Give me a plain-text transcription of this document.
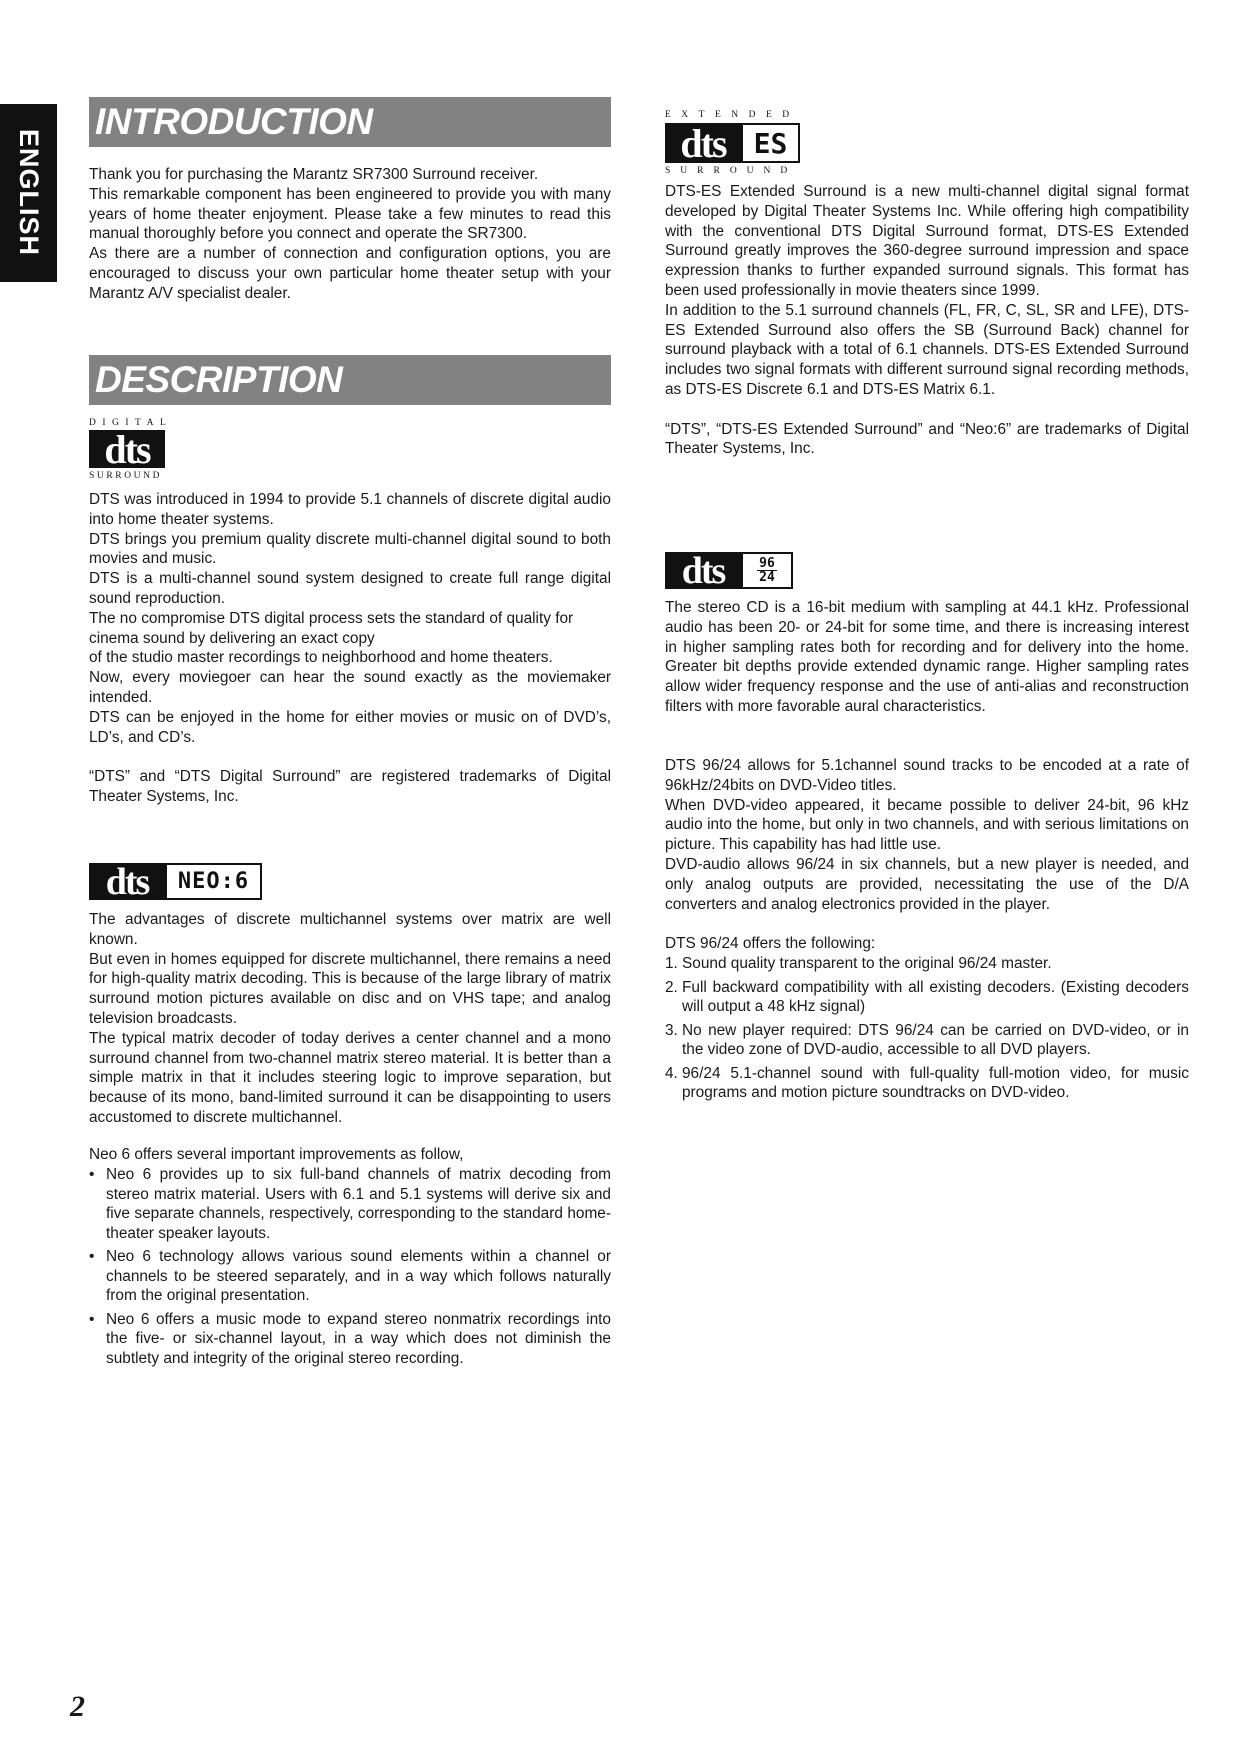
ENGLISH
INTRODUCTION

Thank you for purchasing the Marantz SR7300 Surround receiver.

This remarkable component has been engineered to provide you with many years of home theater enjoyment. Please take a few minutes to read this manual thoroughly before you connect and operate the SR7300.

As there are a number of connection and configuration options, you are encouraged to discuss your own particular home theater setup with your Marantz A/V specialist dealer.

DESCRIPTION
DIGITAL
dts
SURROUND

DTS was introduced in 1994 to provide 5.1 channels of discrete digital audio into home theater systems.

DTS brings you premium quality discrete multi-channel digital sound to both movies and music.

DTS is a multi-channel sound system designed to create full range digital sound reproduction.

The no compromise DTS digital process sets the standard of quality for cinema sound by delivering an exact copy

of the studio master recordings to neighborhood and home theaters.

Now, every moviegoer can hear the sound exactly as the moviemaker intended.

DTS can be enjoyed in the home for either movies or music on of DVD’s, LD’s, and CD’s.

“DTS” and “DTS Digital Surround” are registered trademarks of Digital Theater Systems, Inc.

dts	NEO:6

The advantages of discrete multichannel systems over matrix are well known.

But even in homes equipped for discrete multichannel, there remains a need for high-quality matrix decoding. This is because of the large library of matrix surround motion pictures available on disc and on VHS tape; and analog television broadcasts.

The typical matrix decoder of today derives a center channel and a mono surround channel from two-channel matrix stereo material. It is better than a simple matrix in that it includes steering logic to improve separation, but because of its mono, band-limited surround it can be disappointing to users accustomed to discrete multichannel.

Neo 6 offers several important improvements as follow,
• Neo 6 provides up to six full-band channels of matrix decoding from stereo matrix material. Users with 6.1 and 5.1 systems will derive six and five separate channels, respectively, corresponding to the standard home-theater speaker layouts.
• Neo 6 technology allows various sound elements within a channel or channels to be steered separately, and in a way which follows naturally from the original presentation.
• Neo 6 offers a music mode to expand stereo nonmatrix recordings into the five- or six-channel layout, in a way which does not diminish the subtlety and integrity of the original stereo recording.
EXTENDED
dts	ES
SURROUND

DTS-ES Extended Surround is a new multi-channel digital signal format developed by Digital Theater Systems Inc. While offering high compatibility with the conventional DTS Digital Surround format, DTS-ES Extended Surround greatly improves the 360-degree surround impression and space expression thanks to further expanded surround signals. This format has been used professionally in movie theaters since 1999.

In addition to the 5.1 surround channels (FL, FR, C, SL, SR and LFE), DTS-ES Extended Surround also offers the SB (Surround Back) channel for surround playback with a total of 6.1 channels. DTS-ES Extended Surround includes two signal formats with different surround signal recording methods, as DTS-ES Discrete 6.1 and DTS-ES Matrix 6.1.

“DTS”, “DTS-ES Extended Surround” and “Neo:6” are trademarks of Digital Theater Systems, Inc.

dts	$\frac{96}{24}$

The stereo CD is a 16-bit medium with sampling at 44.1 kHz. Professional audio has been 20- or 24-bit for some time, and there is increasing interest in higher sampling rates both for recording and for delivery into the home. Greater bit depths provide extended dynamic range. Higher sampling rates allow wider frequency response and the use of anti-alias and reconstruction filters with more favorable aural characteristics.

DTS 96/24 allows for 5.1channel sound tracks to be encoded at a rate of 96kHz/24bits on DVD-Video titles.

When DVD-video appeared, it became possible to deliver 24-bit, 96 kHz audio into the home, but only in two channels, and with serious limitations on picture. This capability has had little use.

DVD-audio allows 96/24 in six channels, but a new player is needed, and only analog outputs are provided, necessitating the use of the D/A converters and analog electronics provided in the player.

DTS 96/24 offers the following:
1. Sound quality transparent to the original 96/24 master.
2. Full backward compatibility with all existing decoders. (Existing decoders will output a 48 kHz signal)
3. No new player required: DTS 96/24 can be carried on DVD-video, or in the video zone of DVD-audio, accessible to all DVD players.
4. 96/24 5.1-channel sound with full-quality full-motion video, for music programs and motion picture soundtracks on DVD-video.
2
